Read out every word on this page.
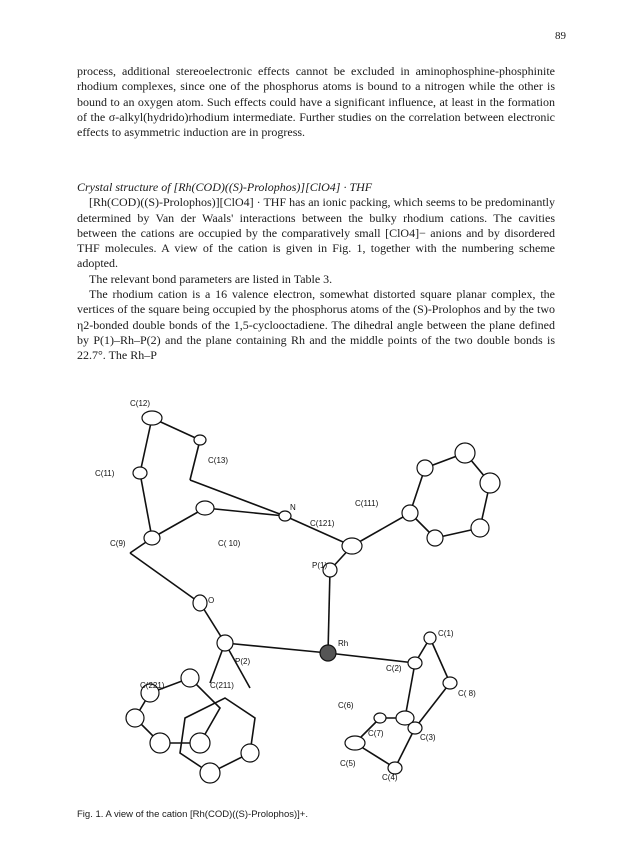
89

process, additional stereoelectronic effects cannot be excluded in aminophosphine-phosphinite rhodium complexes, since one of the phosphorus atoms is bound to a nitrogen while the other is bound to an oxygen atom. Such effects could have a significant influence, at least in the formation of the σ-alkyl(hydrido)rhodium intermediate. Further studies on the correlation between electronic effects to asymmetric induction are in progress.

Crystal structure of [Rh(COD)((S)-Prolophos)][ClO4] · THF

[Rh(COD)((S)-Prolophos)][ClO4] · THF has an ionic packing, which seems to be predominantly determined by Van der Waals' interactions between the bulky rhodium cations. The cavities between the cations are occupied by the comparatively small [ClO4]− anions and by disordered THF molecules. A view of the cation is given in Fig. 1, together with the numbering scheme adopted.

The relevant bond parameters are listed in Table 3.

The rhodium cation is a 16 valence electron, somewhat distorted square planar complex, the vertices of the square being occupied by the phosphorus atoms of the (S)-Prolophos and by the two η2-bonded double bonds of the 1,5-cyclooctadiene. The dihedral angle between the plane defined by P(1)–Rh–P(2) and the plane containing Rh and the middle points of the two double bonds is 22.7°. The Rh–P

C(12)
C(13)
C(11)
C(111)
N
C(121)
C(9)	C( 10)
P(1)
O
Rh
C(1)
C(2)
P(2)
C(221)	C(211)
C( 8)
C(6)
C(7)	C(3)
C(5)
C(4)
Fig. 1. A view of the cation [Rh(COD)((S)-Prolophos)]+.
